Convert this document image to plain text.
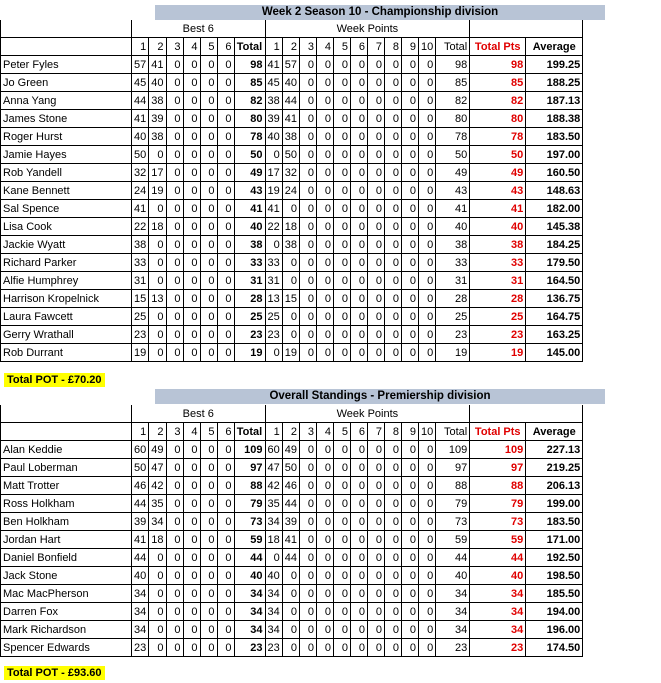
Week 2 Season 10 - Championship division
	Best 6							Week Points												
	1	2	3	4	5	6	Total	1	2	3	4	5	6	7	8	9	10	Total	Total Pts	Average
Peter Fyles	57	41	0	0	0	0	98	41	57	0	0	0	0	0	0	0	0	98	98	199.25
Jo Green	45	40	0	0	0	0	85	45	40	0	0	0	0	0	0	0	0	85	85	188.25
Anna Yang	44	38	0	0	0	0	82	38	44	0	0	0	0	0	0	0	0	82	82	187.13
James Stone	41	39	0	0	0	0	80	39	41	0	0	0	0	0	0	0	0	80	80	188.38
Roger Hurst	40	38	0	0	0	0	78	40	38	0	0	0	0	0	0	0	0	78	78	183.50
Jamie Hayes	50	0	0	0	0	0	50	0	50	0	0	0	0	0	0	0	0	50	50	197.00
Rob Yandell	32	17	0	0	0	0	49	17	32	0	0	0	0	0	0	0	0	49	49	160.50
Kane Bennett	24	19	0	0	0	0	43	19	24	0	0	0	0	0	0	0	0	43	43	148.63
Sal Spence	41	0	0	0	0	0	41	41	0	0	0	0	0	0	0	0	0	41	41	182.00
Lisa Cook	22	18	0	0	0	0	40	22	18	0	0	0	0	0	0	0	0	40	40	145.38
Jackie Wyatt	38	0	0	0	0	0	38	0	38	0	0	0	0	0	0	0	0	38	38	184.25
Richard Parker	33	0	0	0	0	0	33	33	0	0	0	0	0	0	0	0	0	33	33	179.50
Alfie Humphrey	31	0	0	0	0	0	31	31	0	0	0	0	0	0	0	0	0	31	31	164.50
Harrison Kropelnick	15	13	0	0	0	0	28	13	15	0	0	0	0	0	0	0	0	28	28	136.75
Laura Fawcett	25	0	0	0	0	0	25	25	0	0	0	0	0	0	0	0	0	25	25	164.75
Gerry Wrathall	23	0	0	0	0	0	23	23	0	0	0	0	0	0	0	0	0	23	23	163.25
Rob Durrant	19	0	0	0	0	0	19	0	19	0	0	0	0	0	0	0	0	19	19	145.00
Total POT - £70.20
Overall Standings - Premiership division
	Best 6							Week Points												
	1	2	3	4	5	6	Total	1	2	3	4	5	6	7	8	9	10	Total	Total Pts	Average
Alan Keddie	60	49	0	0	0	0	109	60	49	0	0	0	0	0	0	0	0	109	109	227.13
Paul Loberman	50	47	0	0	0	0	97	47	50	0	0	0	0	0	0	0	0	97	97	219.25
Matt Trotter	46	42	0	0	0	0	88	42	46	0	0	0	0	0	0	0	0	88	88	206.13
Ross Holkham	44	35	0	0	0	0	79	35	44	0	0	0	0	0	0	0	0	79	79	199.00
Ben Holkham	39	34	0	0	0	0	73	34	39	0	0	0	0	0	0	0	0	73	73	183.50
Jordan Hart	41	18	0	0	0	0	59	18	41	0	0	0	0	0	0	0	0	59	59	171.00
Daniel Bonfield	44	0	0	0	0	0	44	0	44	0	0	0	0	0	0	0	0	44	44	192.50
Jack Stone	40	0	0	0	0	0	40	40	0	0	0	0	0	0	0	0	0	40	40	198.50
Mac MacPherson	34	0	0	0	0	0	34	34	0	0	0	0	0	0	0	0	0	34	34	185.50
Darren Fox	34	0	0	0	0	0	34	34	0	0	0	0	0	0	0	0	0	34	34	194.00
Mark Richardson	34	0	0	0	0	0	34	34	0	0	0	0	0	0	0	0	0	34	34	196.00
Spencer Edwards	23	0	0	0	0	0	23	23	0	0	0	0	0	0	0	0	0	23	23	174.50
Total POT - £93.60
